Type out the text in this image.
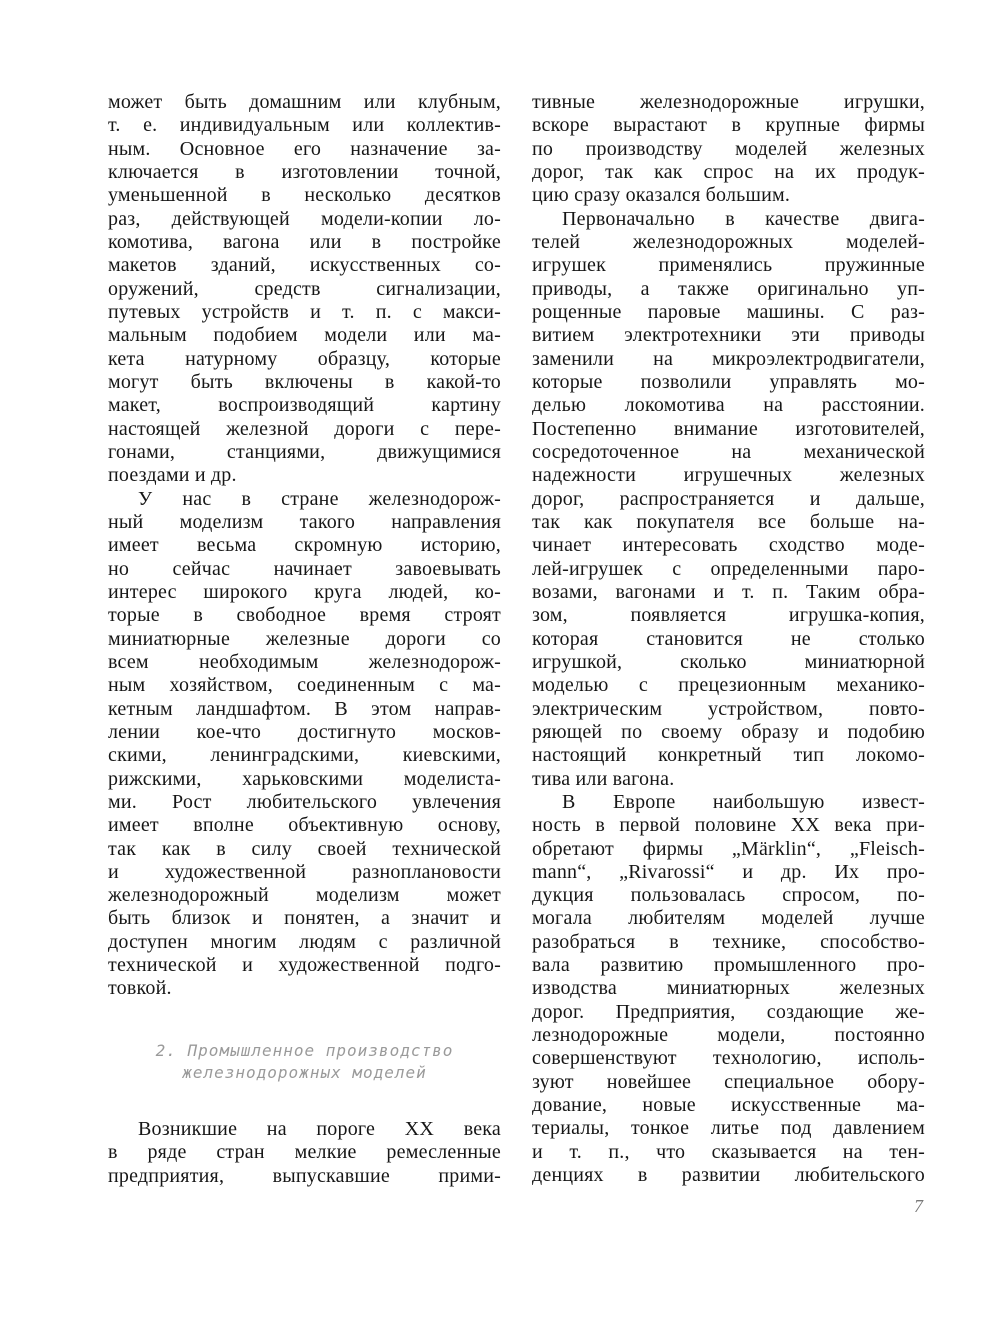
может быть домашним или клубным,
т. е. индивидуальным или коллектив-
ным. Основное его назначение за-
ключается в изготовлении точной,
уменьшенной в несколько десятков
раз, действующей модели-копии ло-
комотива, вагона или в постройке
макетов зданий, искусственных со-
оружений, средств сигнализации,
путевых устройств и т. п. с макси-
мальным подобием модели или ма-
кета натурному образцу, которые
могут быть включены в какой-то
макет, воспроизводящий картину
настоящей железной дороги с пере-
гонами, станциями, движущимися
поездами и др.
У нас в стране железнодорож-
ный моделизм такого направления
имеет весьма скромную историю,
но сейчас начинает завоевывать
интерес широкого круга людей, ко-
торые в свободное время строят
миниатюрные железные дороги со
всем необходимым железнодорож-
ным хозяйством, соединенным с ма-
кетным ландшафтом. В этом направ-
лении кое-что достигнуто москов-
скими, ленинградскими, киевскими,
рижскими, харьковскими моделиста-
ми. Рост любительского увлечения
имеет вполне объективную основу,
так как в силу своей технической
и художественной разноплановости
железнодорожный моделизм может
быть близок и понятен, а значит и
доступен многим людям с различной
технической и художественной подго-
товкой.
2. Промышленное производство
железнодорожных моделей
Возникшие на пороге XX века
в ряде стран мелкие ремесленные
предприятия, выпускавшие прими-
тивные железнодорожные игрушки,
вскоре вырастают в крупные фирмы
по производству моделей железных
дорог, так как спрос на их продук-
цию сразу оказался большим.
Первоначально в качестве двига-
телей железнодорожных моделей-
игрушек применялись пружинные
приводы, а также оригинально уп-
рощенные паровые машины. С раз-
витием электротехники эти приводы
заменили на микроэлектродвигатели,
которые позволили управлять мо-
делью локомотива на расстоянии.
Постепенно внимание изготовителей,
сосредоточенное на механической
надежности игрушечных железных
дорог, распространяется и дальше,
так как покупателя все больше на-
чинает интересовать сходство моде-
лей-игрушек с определенными паро-
возами, вагонами и т. п. Таким обра-
зом, появляется игрушка-копия,
которая становится не столько
игрушкой, сколько миниатюрной
моделью с прецезионным механико-
электрическим устройством, повто-
ряющей по своему образу и подобию
настоящий конкретный тип локомо-
тива или вагона.
В Европе наибольшую извест-
ность в первой половине XX века при-
обретают фирмы „Märklin“, „Fleisch-
mann“, „Rivarossi“ и др. Их про-
дукция пользовалась спросом, по-
могала любителям моделей лучше
разобраться в технике, способство-
вала развитию промышленного про-
изводства миниатюрных железных
дорог. Предприятия, создающие же-
лезнодорожные модели, постоянно
совершенствуют технологию, исполь-
зуют новейшее специальное обору-
дование, новые искусственные ма-
териалы, тонкое литье под давлением
и т. п., что сказывается на тен-
денциях в развитии любительского
7
